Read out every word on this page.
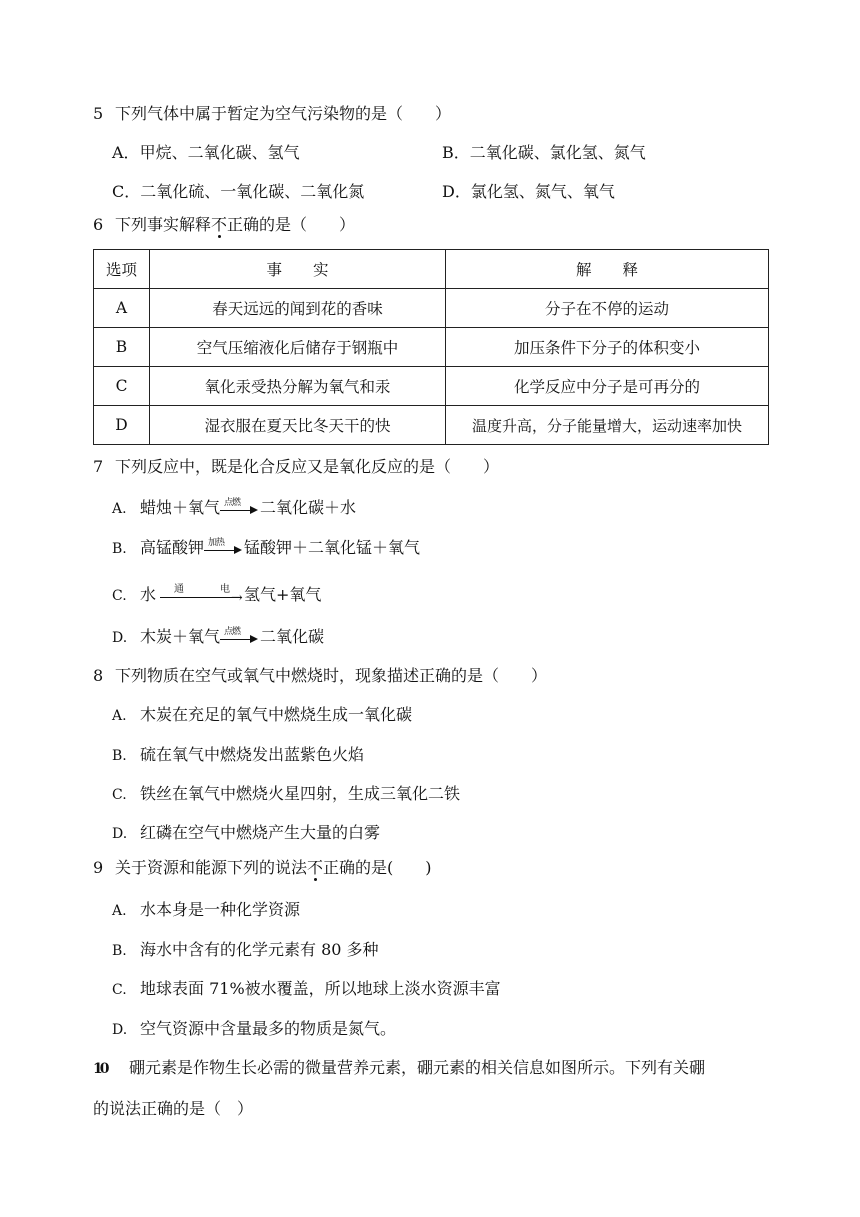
5 下列气体中属于暂定为空气污染物的是（　　）
A．甲烷、二氧化碳、氢气	B．二氧化碳、氯化氢、氮气
C．二氧化硫、一氧化碳、二氧化氮	D．氯化氢、氮气、氧气
6 下列事实解释不正确的是（　　）
选项	事　　实	解　　释
A	春天远远的闻到花的香味	分子在不停的运动
B	空气压缩液化后储存于钢瓶中	加压条件下分子的体积变小
C	氧化汞受热分解为氧气和汞	化学反应中分子是可再分的
D	湿衣服在夏天比冬天干的快	温度升高，分子能量增大，运动速率加快
7 下列反应中，既是化合反应又是氧化反应的是（　　）
A. 蜡烛＋氧气 点燃 二氧化碳＋水
B. 高锰酸钾 加热 锰酸钾＋二氧化锰＋氧气
C. 水 通	电
→ 氢气+氧气
D. 木炭＋氧气 点燃 二氧化碳
8 下列物质在空气或氧气中燃烧时，现象描述正确的是（　　）
A. 木炭在充足的氧气中燃烧生成一氧化碳
B. 硫在氧气中燃烧发出蓝紫色火焰
C. 铁丝在氧气中燃烧火星四射，生成三氧化二铁
D. 红磷在空气中燃烧产生大量的白雾
9 关于资源和能源下列的说法不正确的是(　　)
A. 水本身是一种化学资源
B. 海水中含有的化学元素有 80 多种
C. 地球表面 71%被水覆盖，所以地球上淡水资源丰富
D. 空气资源中含量最多的物质是氮气。
10 硼元素是作物生长必需的微量营养元素，硼元素的相关信息如图所示。下列有关硼
的说法正确的是（　）
